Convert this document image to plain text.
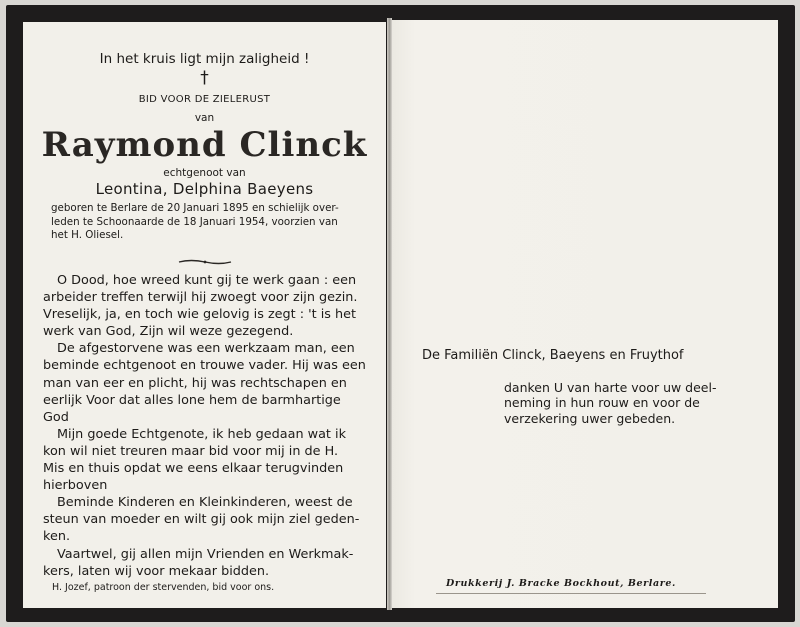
In het kruis ligt mijn zaligheid !
†
BID VOOR DE ZIELERUST
van
Raymond Clinck
echtgenoot van
Leontina, Delphina Baeyens
geboren te Berlare de 20 Januari 1895 en schielijk over-
leden te Schoonaarde de 18 Januari 1954, voorzien van
het H. Oliesel.
O Dood, hoe wreed kunt gij te werk gaan : een
arbeider treffen terwijl hij zwoegt voor zijn gezin.
Vreselijk, ja, en toch wie gelovig is zegt : 't is het
werk van God, Zijn wil weze gezegend.
De afgestorvene was een werkzaam man, een
beminde echtgenoot en trouwe vader. Hij was een
man van eer en plicht, hij was rechtschapen en
eerlijk Voor dat alles lone hem de barmhartige
God
Mijn goede Echtgenote, ik heb gedaan wat ik
kon wil niet treuren maar bid voor mij in de H.
Mis en thuis opdat we eens elkaar terugvinden
hierboven
Beminde Kinderen en Kleinkinderen, weest de
steun van moeder en wilt gij ook mijn ziel geden-
ken.
Vaartwel, gij allen mijn Vrienden en Werkmak-
kers, laten wij voor mekaar bidden.
H. Jozef, patroon der stervenden, bid voor ons.
De Familiën Clinck, Baeyens en Fruythof
danken U van harte voor uw deel-
neming in hun rouw en voor de
verzekering uwer gebeden.
Drukkerij J. Bracke Bockhout, Berlare.
